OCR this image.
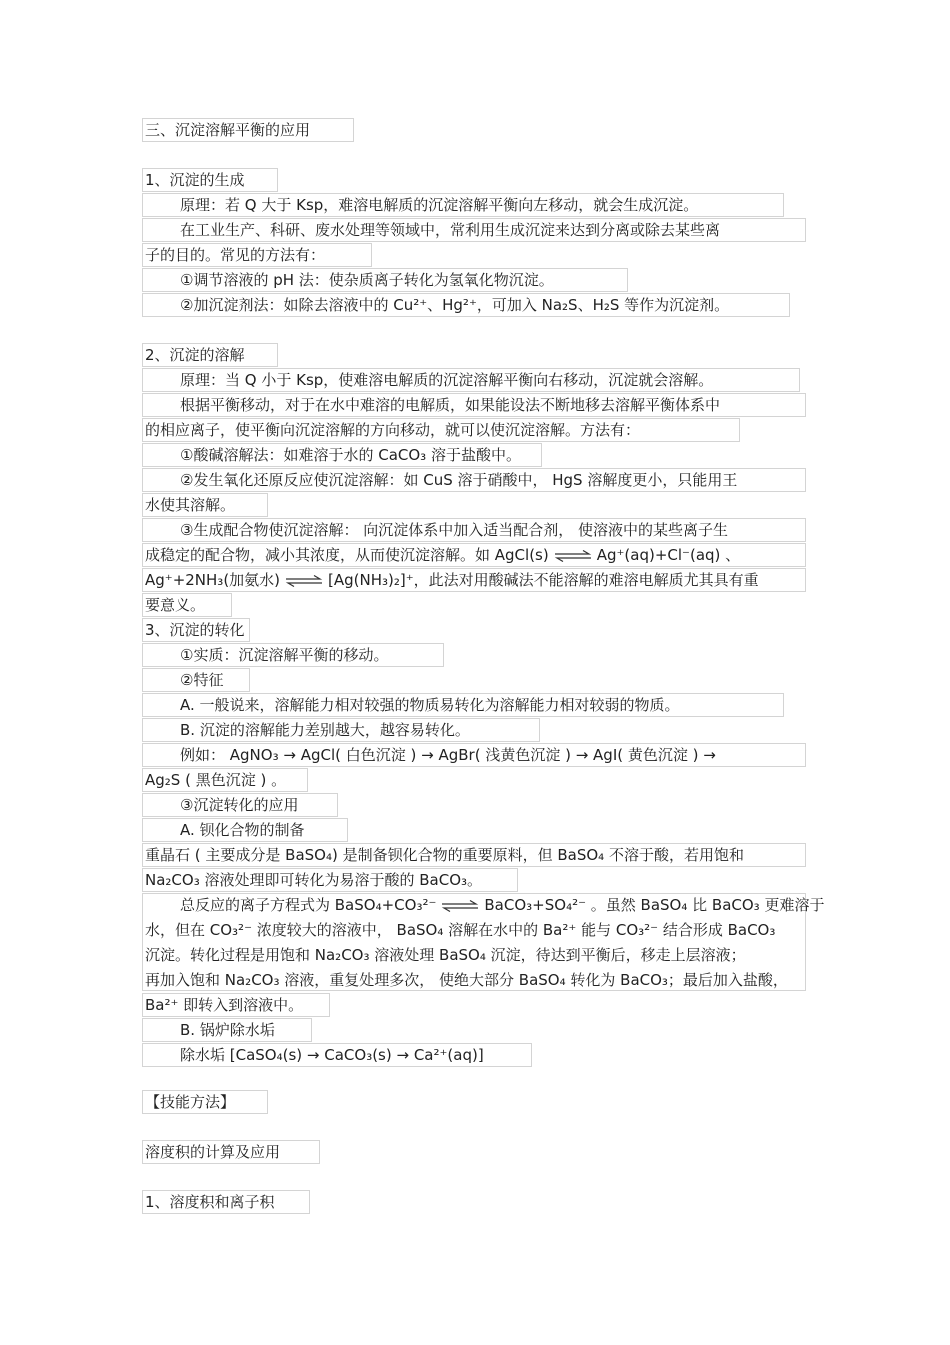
三、沉淀溶解平衡的应用
1、沉淀的生成
原理：若 Q 大于 Ksp，难溶电解质的沉淀溶解平衡向左移动，就会生成沉淀。
在工业生产、科研、废水处理等领域中，常利用生成沉淀来达到分离或除去某些离
子的目的。常见的方法有：
①调节溶液的 pH 法：使杂质离子转化为氢氧化物沉淀。
②加沉淀剂法：如除去溶液中的 Cu²⁺、Hg²⁺，可加入 Na₂S、H₂S 等作为沉淀剂。
2、沉淀的溶解
原理：当 Q 小于 Ksp，使难溶电解质的沉淀溶解平衡向右移动，沉淀就会溶解。
根据平衡移动，对于在水中难溶的电解质，如果能设法不断地移去溶解平衡体系中
的相应离子，使平衡向沉淀溶解的方向移动，就可以使沉淀溶解。方法有：
①酸碱溶解法：如难溶于水的 CaCO₃ 溶于盐酸中。
②发生氧化还原反应使沉淀溶解：如 CuS 溶于硝酸中， HgS 溶解度更小，只能用王
水使其溶解。
③生成配合物使沉淀溶解： 向沉淀体系中加入适当配合剂， 使溶液中的某些离子生
成稳定的配合物，减小其浓度，从而使沉淀溶解。如 AgCl(s) ⇌ Ag⁺(aq)+Cl⁻(aq) 、
Ag⁺+2NH₃(加氨水) ⇌ [Ag(NH₃)₂]⁺，此法对用酸碱法不能溶解的难溶电解质尤其具有重
要意义。
3、沉淀的转化
①实质：沉淀溶解平衡的移动。
②特征
A. 一般说来，溶解能力相对较强的物质易转化为溶解能力相对较弱的物质。
B. 沉淀的溶解能力差别越大，越容易转化。
例如： AgNO₃ → AgCl( 白色沉淀 ) → AgBr( 浅黄色沉淀 ) → AgI( 黄色沉淀 ) →
Ag₂S ( 黑色沉淀 ) 。
③沉淀转化的应用
A. 钡化合物的制备
重晶石 ( 主要成分是 BaSO₄) 是制备钡化合物的重要原料，但 BaSO₄ 不溶于酸，若用饱和
Na₂CO₃ 溶液处理即可转化为易溶于酸的 BaCO₃。
总反应的离子方程式为 BaSO₄+CO₃²⁻ ⇌ BaCO₃+SO₄²⁻ 。虽然 BaSO₄ 比 BaCO₃ 更难溶于
水，但在 CO₃²⁻ 浓度较大的溶液中， BaSO₄ 溶解在水中的 Ba²⁺ 能与 CO₃²⁻ 结合形成 BaCO₃
沉淀。转化过程是用饱和 Na₂CO₃ 溶液处理 BaSO₄ 沉淀，待达到平衡后，移走上层溶液；
再加入饱和 Na₂CO₃ 溶液，重复处理多次， 使绝大部分 BaSO₄ 转化为 BaCO₃；最后加入盐酸，
Ba²⁺ 即转入到溶液中。
B. 锅炉除水垢
除水垢 [CaSO₄(s) → CaCO₃(s) → Ca²⁺(aq)]
【技能方法】
溶度积的计算及应用
1、溶度积和离子积
